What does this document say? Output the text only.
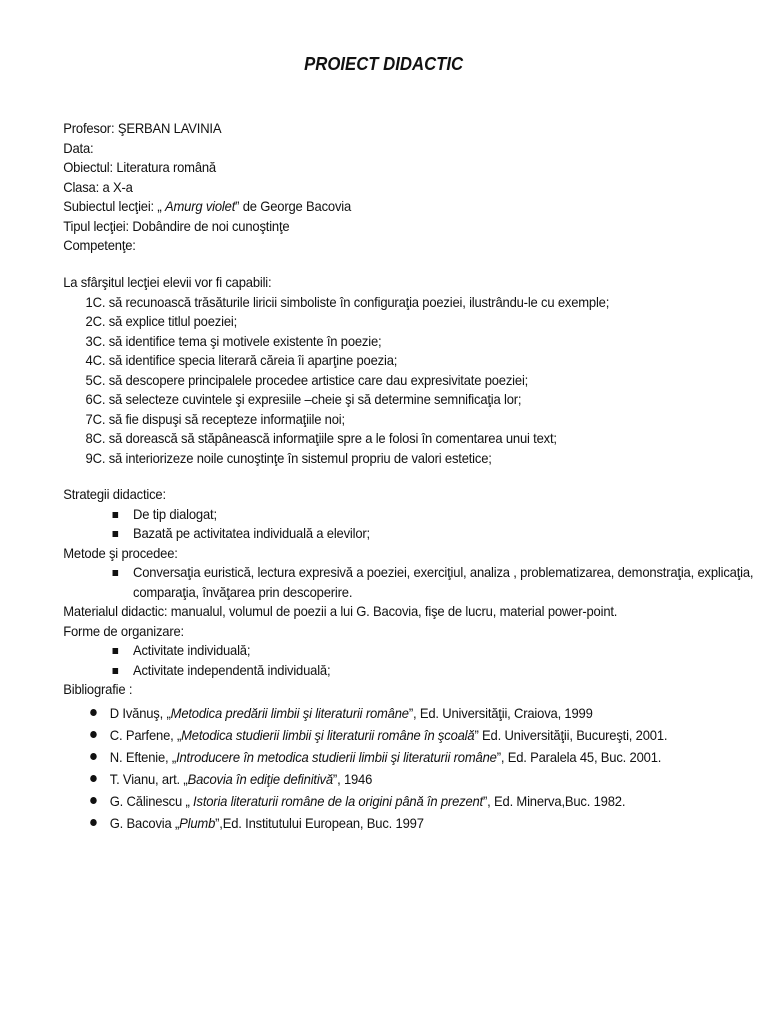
PROIECT DIDACTIC
Profesor: ŞERBAN LAVINIA
Data:
Obiectul: Literatura română
Clasa: a X-a
Subiectul lecţiei: „ Amurg violet” de George Bacovia
Tipul lecţiei: Dobândire de noi cunoştinţe
Competenţe:
La sfârşitul lecţiei elevii vor fi capabili:
1C. să recunoască trăsăturile liricii simboliste în configuraţia poeziei, ilustrându-le cu exemple;
2C. să explice titlul poeziei;
3C. să identifice tema şi motivele existente în poezie;
4C. să identifice specia literară căreia îi aparţine poezia;
5C. să descopere principalele procedee artistice care dau expresivitate poeziei;
6C. să selecteze cuvintele şi expresiile –cheie şi să determine semnificaţia lor;
7C. să fie dispuşi să recepteze informaţiile noi;
8C. să dorească să stăpânească informaţiile spre a le folosi în comentarea unui text;
9C. să interiorizeze noile cunoştinţe în sistemul propriu de valori estetice;
Strategii didactice:
De tip dialogat;
Bazată pe activitatea individuală a elevilor;
Metode şi procedee:
Conversaţia euristică, lectura expresivă a poeziei, exerciţiul, analiza , problematizarea, demonstraţia, explicaţia, comparaţia, învăţarea prin descoperire.
Materialul didactic: manualul, volumul de poezii a lui G. Bacovia, fişe de lucru, material power-point.
Forme de organizare:
Activitate individuală;
Activitate independentă individuală;
Bibliografie :
D Ivănuş, „Metodica predării limbii şi literaturii române”, Ed. Universităţii, Craiova, 1999
C. Parfene, „Metodica studierii limbii şi literaturii române în şcoală” Ed. Universităţii, Bucureşti, 2001.
N. Eftenie, „Introducere în metodica studierii limbii şi literaturii române”, Ed. Paralela 45, Buc. 2001.
T. Vianu, art. „Bacovia în ediţie definitivă”, 1946
G. Călinescu „ Istoria literaturii române de la origini până în prezent”, Ed. Minerva,Buc. 1982.
G. Bacovia „Plumb”,Ed. Institutului European, Buc. 1997
